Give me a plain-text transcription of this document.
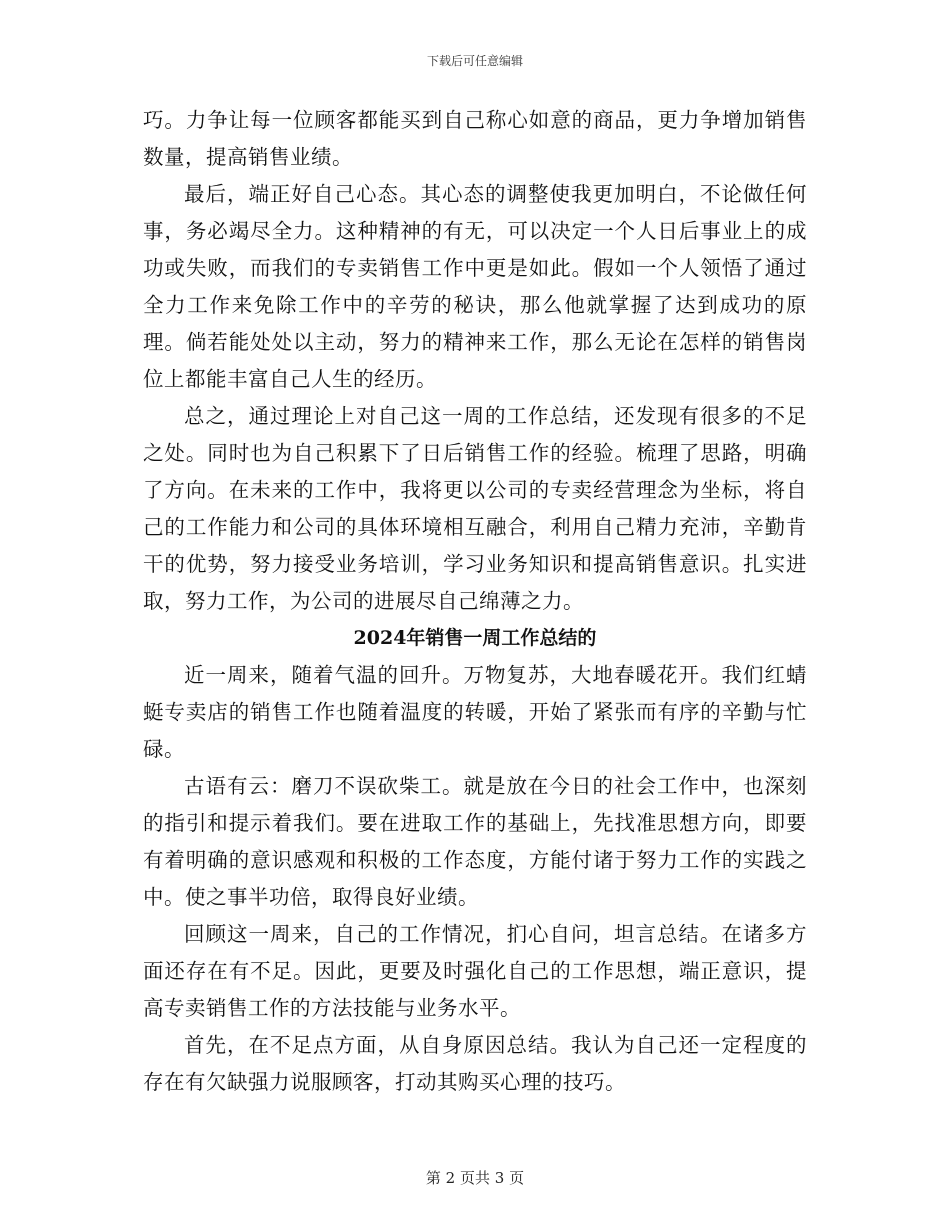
下载后可任意编辑

巧。力争让每一位顾客都能买到自己称心如意的商品，更力争增加销售数量，提高销售业绩。

最后，端正好自己心态。其心态的调整使我更加明白，不论做任何事，务必竭尽全力。这种精神的有无，可以决定一个人日后事业上的成功或失败，而我们的专卖销售工作中更是如此。假如一个人领悟了通过全力工作来免除工作中的辛劳的秘诀，那么他就掌握了达到成功的原理。倘若能处处以主动，努力的精神来工作，那么无论在怎样的销售岗位上都能丰富自己人生的经历。

总之，通过理论上对自己这一周的工作总结，还发现有很多的不足之处。同时也为自己积累下了日后销售工作的经验。梳理了思路，明确了方向。在未来的工作中，我将更以公司的专卖经营理念为坐标，将自己的工作能力和公司的具体环境相互融合，利用自己精力充沛，辛勤肯干的优势，努力接受业务培训，学习业务知识和提高销售意识。扎实进取，努力工作，为公司的进展尽自己绵薄之力。

2024年销售一周工作总结的

近一周来，随着气温的回升。万物复苏，大地春暖花开。我们红蜻蜓专卖店的销售工作也随着温度的转暖，开始了紧张而有序的辛勤与忙碌。

古语有云：磨刀不误砍柴工。就是放在今日的社会工作中，也深刻的指引和提示着我们。要在进取工作的基础上，先找准思想方向，即要有着明确的意识感观和积极的工作态度，方能付诸于努力工作的实践之中。使之事半功倍，取得良好业绩。

回顾这一周来，自己的工作情况，扪心自问，坦言总结。在诸多方面还存在有不足。因此，更要及时强化自己的工作思想，端正意识，提高专卖销售工作的方法技能与业务水平。

首先，在不足点方面，从自身原因总结。我认为自己还一定程度的存在有欠缺强力说服顾客，打动其购买心理的技巧。

第 2 页共 3 页
